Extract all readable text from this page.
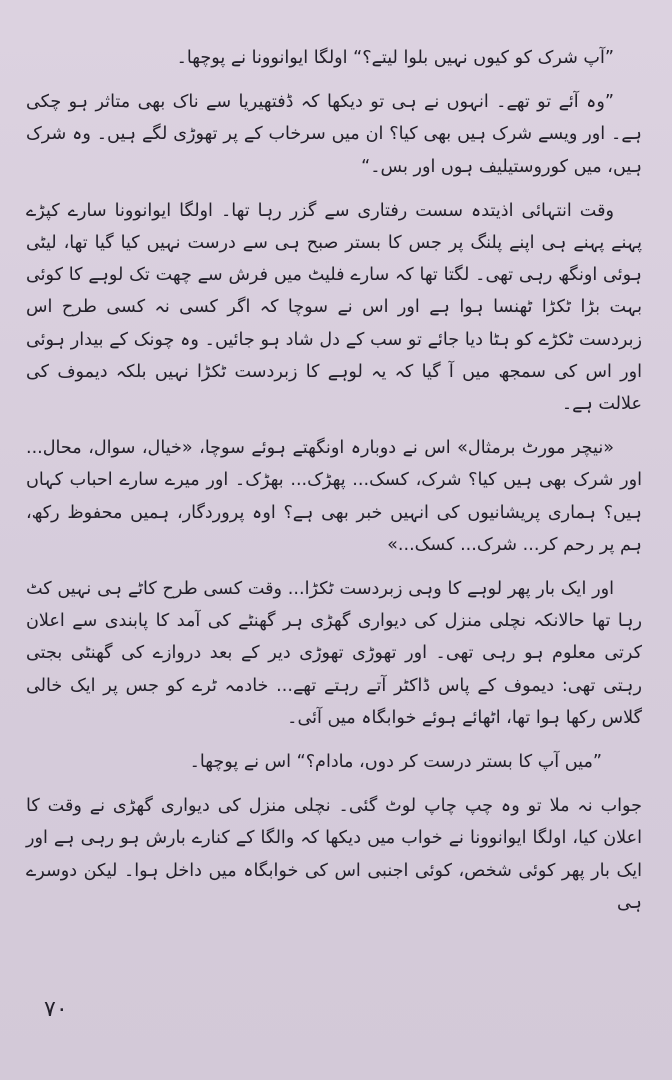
”آپ شرک کو کیوں نہیں بلوا لیتے؟“ اولگا ایوانوونا نے پوچھا۔

”وہ آئے تو تھے۔ انہوں نے ہی تو دیکھا کہ ڈفتھیریا سے ناک بھی متاثر ہو چکی ہے۔ اور ویسے شرک ہیں بھی کیا؟ ان میں سرخاب کے پر تھوڑی لگے ہیں۔ وہ شرک ہیں، میں کوروستیلیف ہوں اور بس۔“

وقت انتہائی اذیتدہ سست رفتاری سے گزر رہا تھا۔ اولگا ایوانوونا سارے کپڑے پہنے پہنے ہی اپنے پلنگ پر جس کا بستر صبح ہی سے درست نہیں کیا گیا تھا، لیٹی ہوئی اونگھ رہی تھی۔ لگتا تھا کہ سارے فلیٹ میں فرش سے چھت تک لوہے کا کوئی بہت بڑا ٹکڑا ٹھنسا ہوا ہے اور اس نے سوچا کہ اگر کسی نہ کسی طرح اس زبردست ٹکڑے کو ہٹا دیا جائے تو سب کے دل شاد ہو جائیں۔ وہ چونک کے بیدار ہوئی اور اس کی سمجھ میں آ گیا کہ یہ لوہے کا زبردست ٹکڑا نہیں بلکہ دیموف کی علالت ہے۔

«نیچر مورٹ برمثال» اس نے دوبارہ اونگھتے ہوئے سوچا، «خیال، سوال، محال... اور شرک بھی ہیں کیا؟ شرک، کسک... پھڑک... بھڑک۔ اور میرے سارے احباب کہاں ہیں؟ ہماری پریشانیوں کی انہیں خبر بھی ہے؟ اوہ پروردگار، ہمیں محفوظ رکھ، ہم پر رحم کر... شرک... کسک...»

اور ایک بار پھر لوہے کا وہی زبردست ٹکڑا... وقت کسی طرح کاٹے ہی نہیں کٹ رہا تھا حالانکہ نچلی منزل کی دیواری گھڑی ہر گھنٹے کی آمد کا پابندی سے اعلان کرتی معلوم ہو رہی تھی۔ اور تھوڑی تھوڑی دیر کے بعد دروازے کی گھنٹی بجتی رہتی تھی: دیموف کے پاس ڈاکٹر آتے رہتے تھے... خادمہ ٹرے کو جس پر ایک خالی گلاس رکھا ہوا تھا، اٹھائے ہوئے خوابگاہ میں آئی۔

”میں آپ کا بستر درست کر دوں، مادام؟“ اس نے پوچھا۔

جواب نہ ملا تو وہ چپ چاپ لوٹ گئی۔ نچلی منزل کی دیواری گھڑی نے وقت کا اعلان کیا، اولگا ایوانوونا نے خواب میں دیکھا کہ والگا کے کنارے بارش ہو رہی ہے اور ایک بار پھر کوئی شخص، کوئی اجنبی اس کی خوابگاہ میں داخل ہوا۔ لیکن دوسرے ہی

۷۰
